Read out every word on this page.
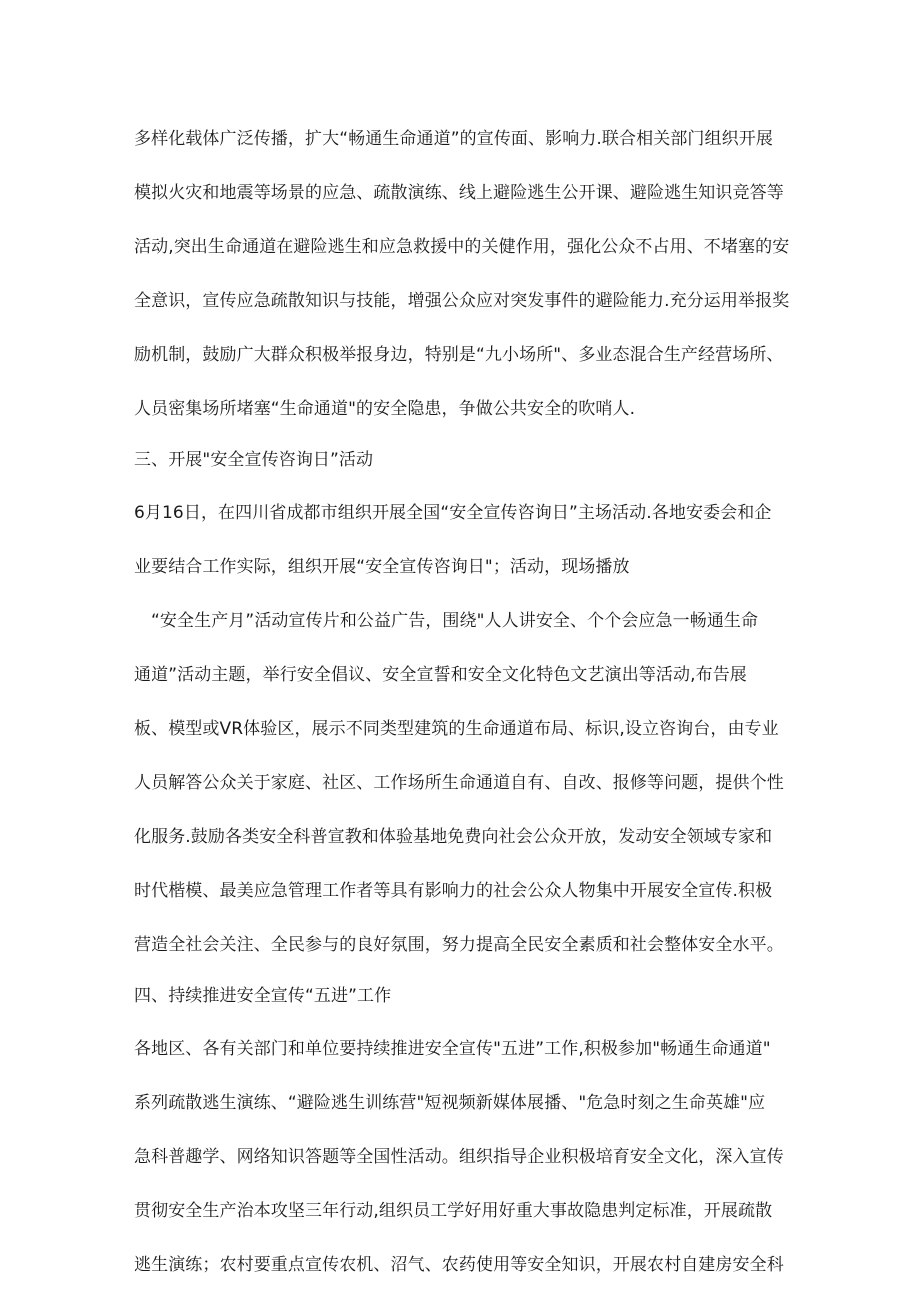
多样化载体广泛传播，扩大“畅通生命通道”的宣传面、影响力.联合相关部门组织开展

模拟火灾和地震等场景的应急、疏散演练、线上避险逃生公开课、避险逃生知识竞答等

活动,突出生命通道在避险逃生和应急救援中的关健作用，强化公众不占用、不堵塞的安

全意识，宣传应急疏散知识与技能，增强公众应对突发事件的避险能力.充分运用举报奖

励机制，鼓励广大群众积极举报身边，特别是“九小场所"、多业态混合生产经营场所、

人员密集场所堵塞“生命通道"的安全隐患，争做公共安全的吹哨人.

三、开展"安全宣传咨询日”活动

6月16日，在四川省成都市组织开展全国“安全宣传咨询日”主场活动.各地安委会和企

业要结合工作实际，组织开展“安全宣传咨询日"；活动，现场播放

“安全生产月”活动宣传片和公益广告，围绕"人人讲安全、个个会应急一畅通生命

通道”活动主题，举行安全倡议、安全宣誓和安全文化特色文艺演出等活动,布告展

板、模型或VR体验区，展示不同类型建筑的生命通道布局、标识,设立咨询台，由专业

人员解答公众关于家庭、社区、工作场所生命通道自有、自改、报修等问题，提供个性

化服务.鼓励各类安全科普宣教和体验基地免费向社会公众开放，发动安全领域专家和

时代楷模、最美应急管理工作者等具有影响力的社会公众人物集中开展安全宣传.积极

营造全社会关注、全民参与的良好氛围，努力提高全民安全素质和社会整体安全水平。

四、持续推进安全宣传“五进”工作

各地区、各有关部门和单位要持续推进安全宣传"五进”工作,积极参加"畅通生命通道"

系列疏散逃生演练、“避险逃生训练营"短视频新媒体展播、"危急时刻之生命英雄"应

急科普趣学、网络知识答题等全国性活动。组织指导企业积极培育安全文化，深入宣传

贯彻安全生产治本攻坚三年行动,组织员工学好用好重大事故隐患判定标准，开展疏散

逃生演练；农村要重点宣传农机、沼气、农药使用等安全知识，开展农村自建房安全科
